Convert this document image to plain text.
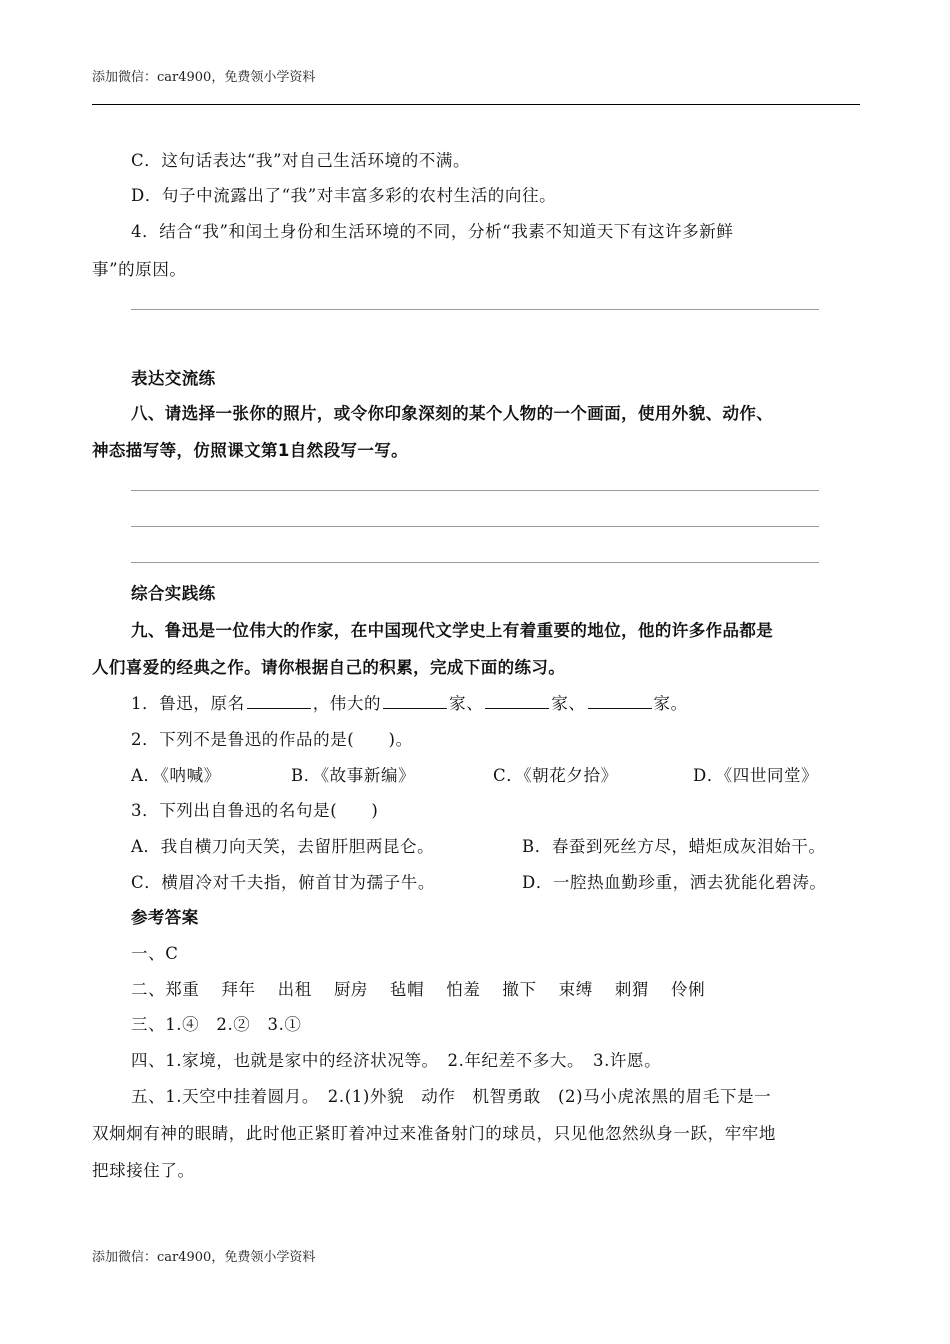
添加微信：car4900，免费领小学资料
C．这句话表达“我”对自己生活环境的不满。
D．句子中流露出了“我”对丰富多彩的农村生活的向往。
4．结合“我”和闰土身份和生活环境的不同，分析“我素不知道天下有这许多新鲜
事”的原因。
表达交流练
八、请选择一张你的照片，或令你印象深刻的某个人物的一个画面，使用外貌、动作、
神态描写等，仿照课文第1自然段写一写。
综合实践练
九、鲁迅是一位伟大的作家，在中国现代文学史上有着重要的地位，他的许多作品都是
人们喜爱的经典之作。请你根据自己的积累，完成下面的练习。
1．鲁迅，原名	，伟大的	家、	家、	家。
2．下列不是鲁迅的作品的是(　　)。
A．《呐喊》	B．《故事新编》	C．《朝花夕拾》	D．《四世同堂》
3．下列出自鲁迅的名句是(　　)
A．我自横刀向天笑，去留肝胆两昆仑。	B．春蚕到死丝方尽，蜡炬成灰泪始干。
C．横眉冷对千夫指，俯首甘为孺子牛。	D．一腔热血勤珍重，洒去犹能化碧涛。
参考答案
一、C
二、郑重 拜年 出租 厨房 毡帽 怕羞 撤下 束缚 刺猬 伶俐
三、1.④　2.②　3.①
四、1.家境，也就是家中的经济状况等。　2.年纪差不多大。　3.许愿。
五、1.天空中挂着圆月。　2.(1)外貌　动作　机智勇敢　(2)马小虎浓黑的眉毛下是一
双炯炯有神的眼睛，此时他正紧盯着冲过来准备射门的球员，只见他忽然纵身一跃，牢牢地
把球接住了。
添加微信：car4900，免费领小学资料
